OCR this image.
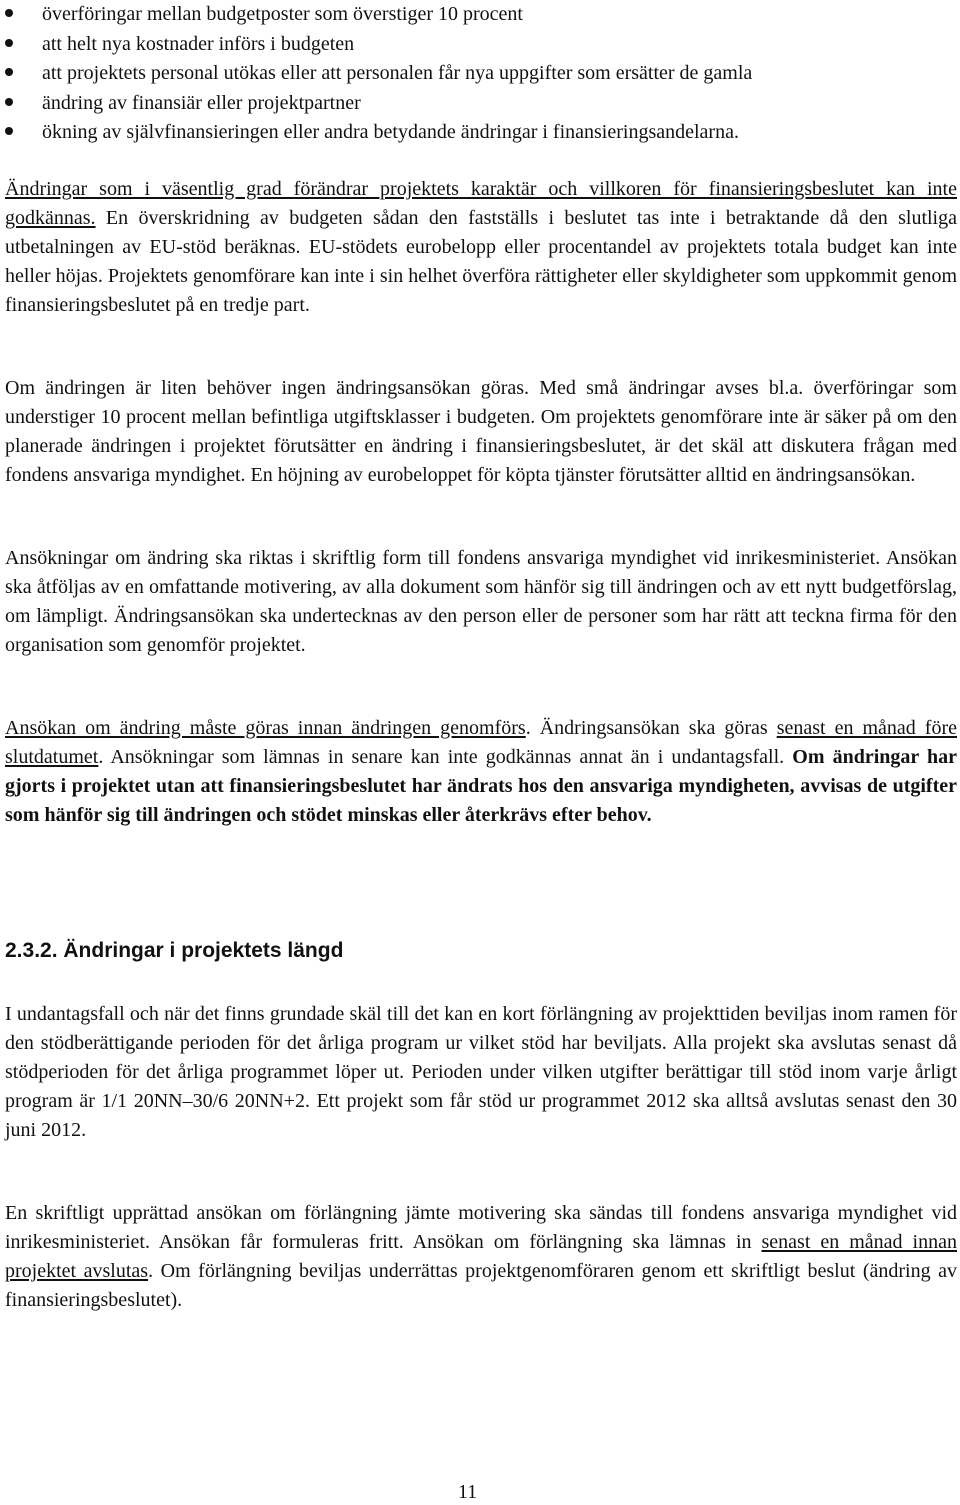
överföringar mellan budgetposter som överstiger 10 procent
att helt nya kostnader införs i budgeten
att projektets personal utökas eller att personalen får nya uppgifter som ersätter de gamla
ändring av finansiär eller projektpartner
ökning av självfinansieringen eller andra betydande ändringar i finansieringsandelarna.

Ändringar som i väsentlig grad förändrar projektets karaktär och villkoren för finansieringsbeslutet kan inte godkännas. En överskridning av budgeten sådan den fastställs i beslutet tas inte i betraktande då den slutliga utbetalningen av EU-stöd beräknas. EU-stödets eurobelopp eller procentandel av projektets totala budget kan inte heller höjas. Projektets genomförare kan inte i sin helhet överföra rättigheter eller skyldigheter som uppkommit genom finansieringsbeslutet på en tredje part.

Om ändringen är liten behöver ingen ändringsansökan göras. Med små ändringar avses bl.a. överföringar som understiger 10 procent mellan befintliga utgiftsklasser i budgeten. Om projektets genomförare inte är säker på om den planerade ändringen i projektet förutsätter en ändring i finansieringsbeslutet, är det skäl att diskutera frågan med fondens ansvariga myndighet. En höjning av eurobeloppet för köpta tjänster förutsätter alltid en ändringsansökan.

Ansökningar om ändring ska riktas i skriftlig form till fondens ansvariga myndighet vid inrikesministeriet. Ansökan ska åtföljas av en omfattande motivering, av alla dokument som hänför sig till ändringen och av ett nytt budgetförslag, om lämpligt. Ändringsansökan ska undertecknas av den person eller de personer som har rätt att teckna firma för den organisation som genomför projektet.

Ansökan om ändring måste göras innan ändringen genomförs. Ändringsansökan ska göras senast en månad före slutdatumet. Ansökningar som lämnas in senare kan inte godkännas annat än i undantagsfall. Om ändringar har gjorts i projektet utan att finansieringsbeslutet har ändrats hos den ansvariga myndigheten, avvisas de utgifter som hänför sig till ändringen och stödet minskas eller återkrävs efter behov.

2.3.2. Ändringar i projektets längd

I undantagsfall och när det finns grundade skäl till det kan en kort förlängning av projekttiden beviljas inom ramen för den stödberättigande perioden för det årliga program ur vilket stöd har beviljats. Alla projekt ska avslutas senast då stödperioden för det årliga programmet löper ut. Perioden under vilken utgifter berättigar till stöd inom varje årligt program är 1/1 20NN–30/6 20NN+2. Ett projekt som får stöd ur programmet 2012 ska alltså avslutas senast den 30 juni 2012.

En skriftligt upprättad ansökan om förlängning jämte motivering ska sändas till fondens ansvariga myndighet vid inrikesministeriet. Ansökan får formuleras fritt. Ansökan om förlängning ska lämnas in senast en månad innan projektet avslutas. Om förlängning beviljas underrättas projektgenomföraren genom ett skriftligt beslut (ändring av finansieringsbeslutet).

11
